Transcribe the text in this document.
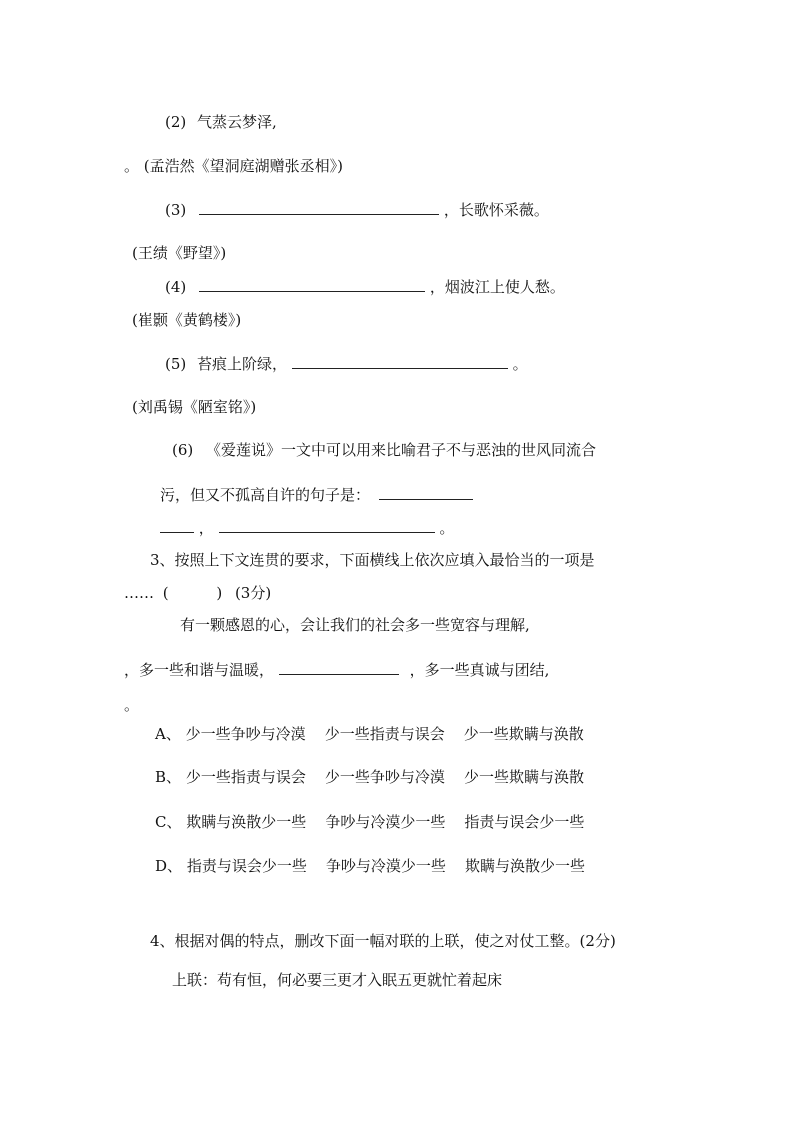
(2) 气蒸云梦泽,
。 (孟浩然《望洞庭湖赠张丞相》)
(3)	，长歌怀采薇。
(王绩《野望》)
(4)	，烟波江上使人愁。
(崔颢《黄鹤楼》)
(5) 苔痕上阶绿，	。
(刘禹锡《陋室铭》)
(6) 《爱莲说》一文中可以用来比喻君子不与恶浊的世风同流合
污，但又不孤高自许的句子是：
，	。
3、按照上下文连贯的要求，下面横线上依次应填入最恰当的一项是
…… (          ) (3分)
有一颗感恩的心，会让我们的社会多一些宽容与理解,
，多一些和谐与温暖，	，多一些真诚与团结,
。
A、 少一些争吵与冷漠    少一些指责与误会    少一些欺瞒与涣散
B、 少一些指责与误会    少一些争吵与冷漠    少一些欺瞒与涣散
C、 欺瞒与涣散少一些    争吵与冷漠少一些    指责与误会少一些
D、 指责与误会少一些    争吵与冷漠少一些    欺瞒与涣散少一些
4、根据对偶的特点，删改下面一幅对联的上联，使之对仗工整。(2分)
上联：苟有恒，何必要三更才入眠五更就忙着起床
